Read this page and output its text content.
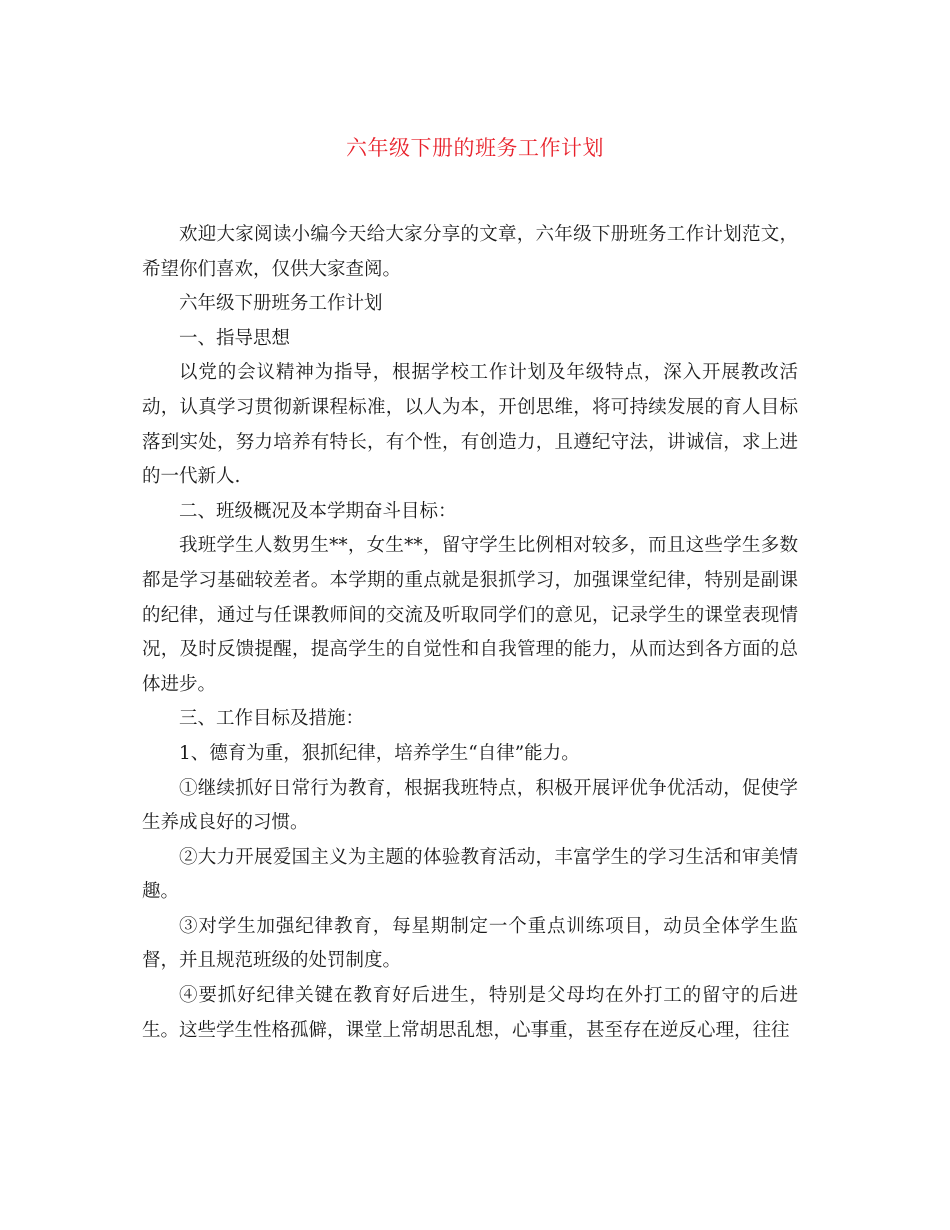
六年级下册的班务工作计划

欢迎大家阅读小编今天给大家分享的文章，六年级下册班务工作计划范文，希望你们喜欢，仅供大家查阅。

六年级下册班务工作计划

一、指导思想

以党的会议精神为指导，根据学校工作计划及年级特点，深入开展教改活动，认真学习贯彻新课程标准，以人为本，开创思维，将可持续发展的育人目标落到实处，努力培养有特长，有个性，有创造力，且遵纪守法，讲诚信，求上进的一代新人.

二、班级概况及本学期奋斗目标：

我班学生人数男生**，女生**，留守学生比例相对较多，而且这些学生多数都是学习基础较差者。本学期的重点就是狠抓学习，加强课堂纪律，特别是副课的纪律，通过与任课教师间的交流及听取同学们的意见，记录学生的课堂表现情况，及时反馈提醒，提高学生的自觉性和自我管理的能力，从而达到各方面的总体进步。

三、工作目标及措施：

1、德育为重，狠抓纪律，培养学生“自律”能力。

①继续抓好日常行为教育，根据我班特点，积极开展评优争优活动，促使学生养成良好的习惯。

②大力开展爱国主义为主题的体验教育活动，丰富学生的学习生活和审美情趣。

③对学生加强纪律教育，每星期制定一个重点训练项目，动员全体学生监督，并且规范班级的处罚制度。

④要抓好纪律关键在教育好后进生，特别是父母均在外打工的留守的后进生。这些学生性格孤僻，课堂上常胡思乱想，心事重，甚至存在逆反心理，往往
